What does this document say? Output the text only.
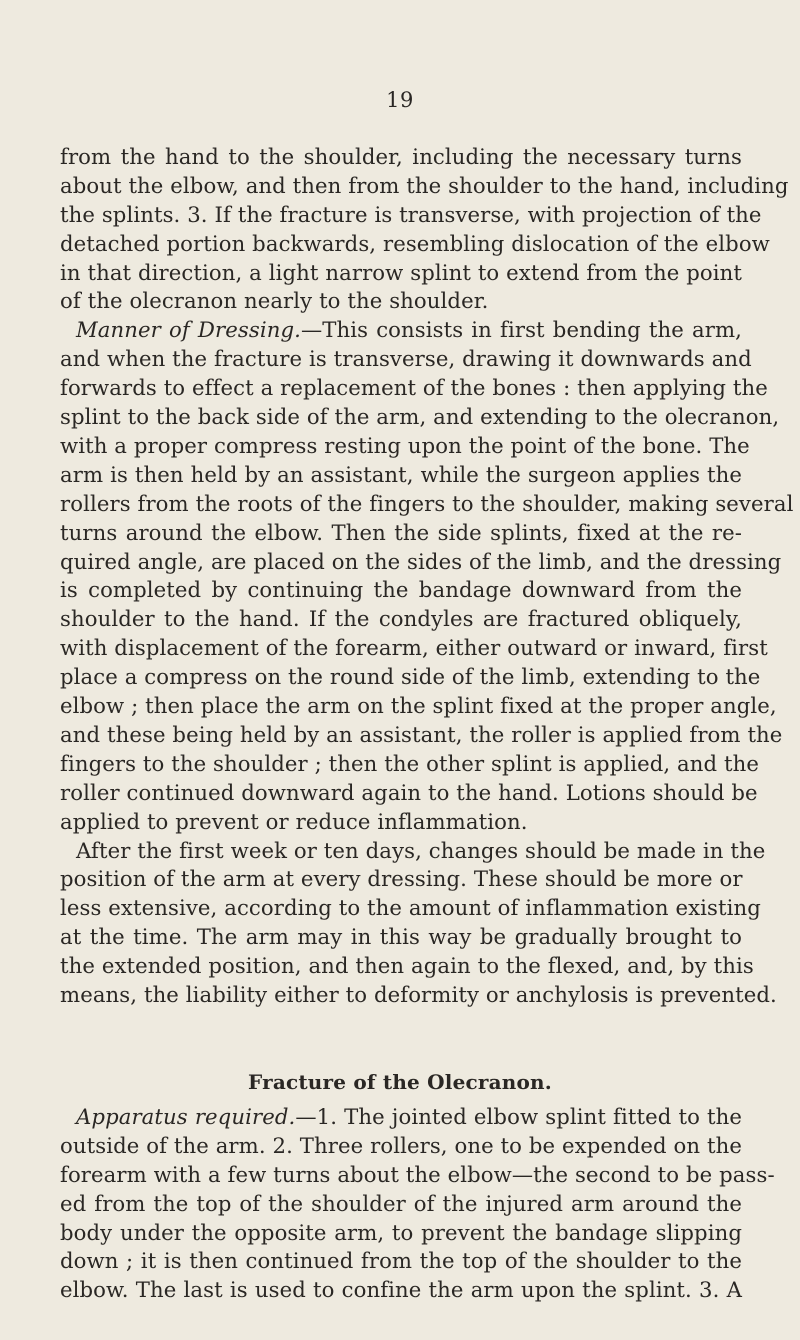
19
from the hand to the shoulder, including the necessary turns
about the elbow, and then from the shoulder to the hand, including
the splints. 3. If the fracture is transverse, with projection of the
detached portion backwards, resembling dislocation of the elbow
in that direction, a light narrow splint to extend from the point
of the olecranon nearly to the shoulder.
Manner of Dressing.—This consists in first bending the arm,
and when the fracture is transverse, drawing it downwards and
forwards to effect a replacement of the bones : then applying the
splint to the back side of the arm, and extending to the olecranon,
with a proper compress resting upon the point of the bone. The
arm is then held by an assistant, while the surgeon applies the
rollers from the roots of the fingers to the shoulder, making several
turns around the elbow. Then the side splints, fixed at the re-
quired angle, are placed on the sides of the limb, and the dressing
is completed by continuing the bandage downward from the
shoulder to the hand. If the condyles are fractured obliquely,
with displacement of the forearm, either outward or inward, first
place a compress on the round side of the limb, extending to the
elbow ; then place the arm on the splint fixed at the proper angle,
and these being held by an assistant, the roller is applied from the
fingers to the shoulder ; then the other splint is applied, and the
roller continued downward again to the hand. Lotions should be
applied to prevent or reduce inflammation.
After the first week or ten days, changes should be made in the
position of the arm at every dressing. These should be more or
less extensive, according to the amount of inflammation existing
at the time. The arm may in this way be gradually brought to
the extended position, and then again to the flexed, and, by this
means, the liability either to deformity or anchylosis is prevented.
Fracture of the Olecranon.
Apparatus required.—1. The jointed elbow splint fitted to the
outside of the arm. 2. Three rollers, one to be expended on the
forearm with a few turns about the elbow—the second to be pass-
ed from the top of the shoulder of the injured arm around the
body under the opposite arm, to prevent the bandage slipping
down ; it is then continued from the top of the shoulder to the
elbow. The last is used to confine the arm upon the splint. 3. A
